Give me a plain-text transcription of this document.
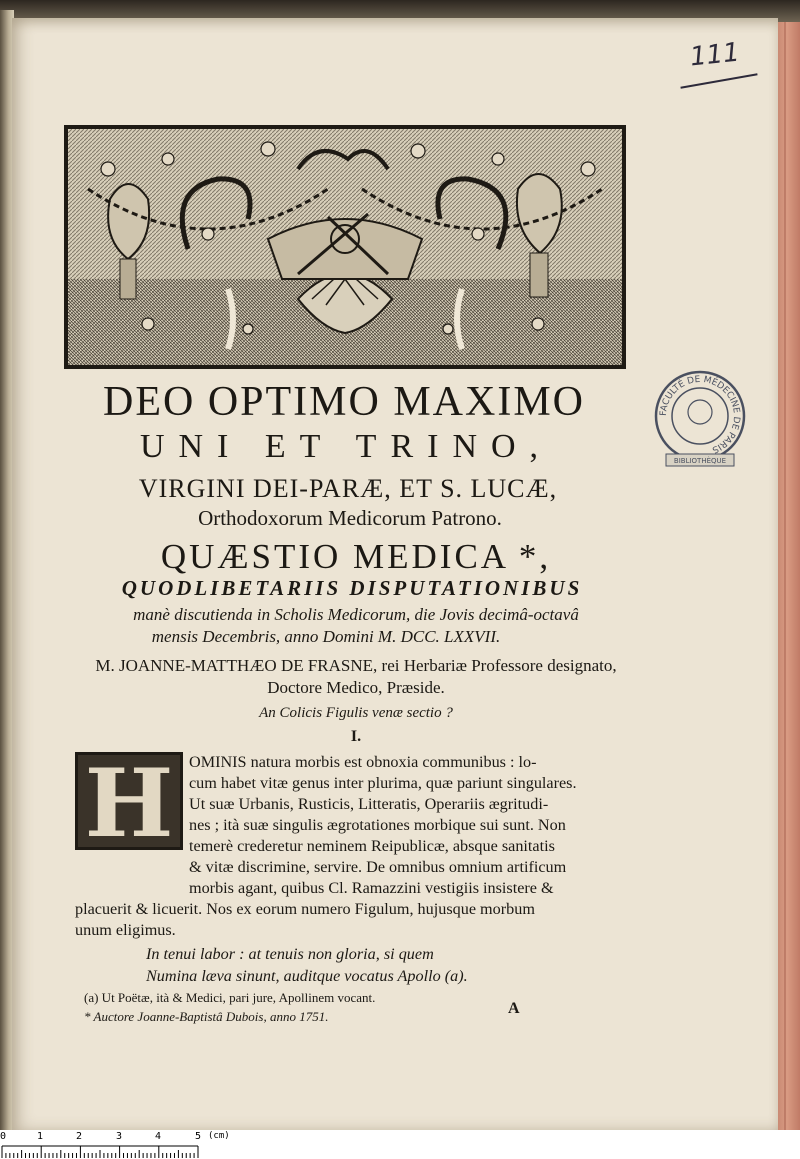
111
FACULTÉ DE MÉDECINE DE PARIS
BIBLIOTHÈQUE
DEO OPTIMO MAXIMO
UNI ET TRINO,
VIRGINI DEI-PARÆ, ET S. LUCÆ,
Orthodoxorum Medicorum Patrono.
QUÆSTIO MEDICA *,
QUODLIBETARIIS DISPUTATIONIBUS
manè discutienda in Scholis Medicorum, die Jovis decimâ-octavâ
mensis Decembris, anno Domini M. DCC. LXXVII.
M. JOANNE-MATTHÆO DE FRASNE, rei Herbariæ Professore designato,
Doctore Medico, Præside.
An Colicis Figulis venæ sectio ?
I.
H OMINIS natura morbis est obnoxia communibus : lo-
cum habet vitæ genus inter plurima, quæ pariunt singulares.
Ut suæ Urbanis, Rusticis, Litteratis, Operariis ægritudi-
nes ; ità suæ singulis ægrotationes morbique sui sunt. Non
temerè crederetur neminem Reipublicæ, absque sanitatis
& vitæ discrimine, servire. De omnibus omnium artificum
morbis agant, quibus Cl. Ramazzini vestigiis insistere &
placuerit & licuerit. Nos ex eorum numero Figulum, hujusque morbum
unum eligimus.
In tenui labor : at tenuis non gloria, si quem
Numina læva sinunt, auditque vocatus Apollo (a).
(a) Ut Poëtæ, ità & Medici, pari jure, Apollinem vocant.
* Auctore Joanne-Baptistâ Dubois, anno 1751.	A
0	1	2	3	4	5 (cm)
